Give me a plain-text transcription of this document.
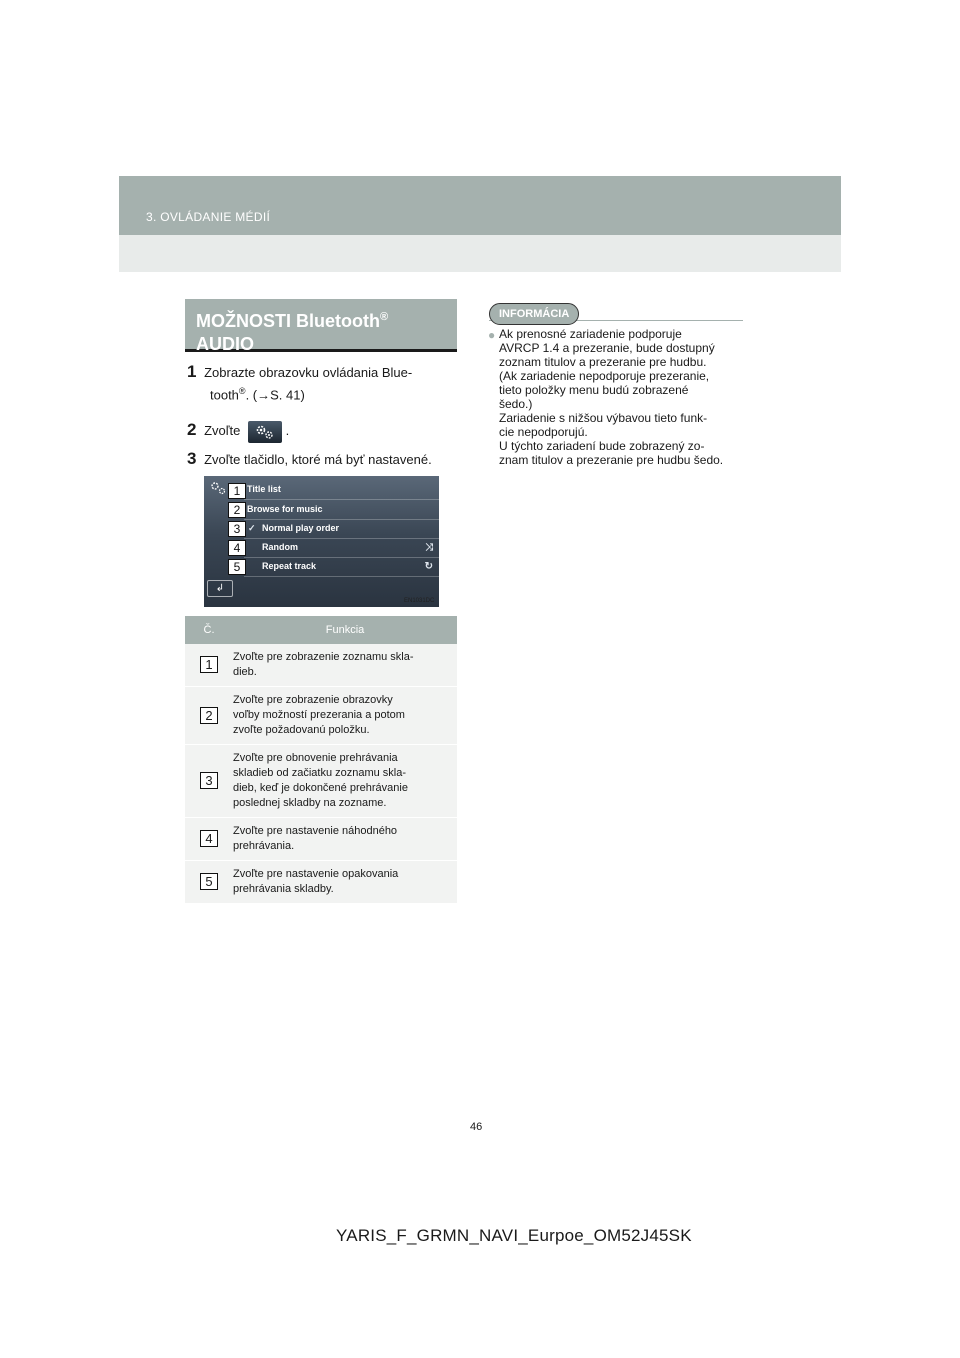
3. OVLÁDANIE MÉDIÍ
MOŽNOSTI Bluetooth®
AUDIO
1 Zobrazte obrazovku ovládania Blue-
tooth®. (→S. 41)
2 Zvoľte	.
3 Zvoľte tlačidlo, ktoré má byť nastavené.
Title list
1
Browse for music
2
✓ Normal play order
3
Random	⤨
4
Repeat track	↻
5
↲
EN1031DC
Č.	Funkcia
1	Zvoľte pre zobrazenie zoznamu skla-
dieb.

2	Zvoľte pre zobrazenie obrazovky
voľby možností prezerania a potom
zvoľte požadovanú položku.

3	Zvoľte pre obnovenie prehrávania
skladieb od začiatku zoznamu skla-
dieb, keď je dokončené prehrávanie
poslednej skladby na zozname.

4	Zvoľte pre nastavenie náhodného
prehrávania.

5	Zvoľte pre nastavenie opakovania
prehrávania skladby.
INFORMÁCIA
● Ak prenosné zariadenie podporuje
AVRCP 1.4 a prezeranie, bude dostupný
zoznam titulov a prezeranie pre hudbu.
(Ak zariadenie nepodporuje prezeranie,
tieto položky menu budú zobrazené
šedo.)
Zariadenie s nižšou výbavou tieto funk-
cie nepodporujú.
U týchto zariadení bude zobrazený zo-
znam titulov a prezeranie pre hudbu šedo.
46
YARIS_F_GRMN_NAVI_Eurpoe_OM52J45SK
